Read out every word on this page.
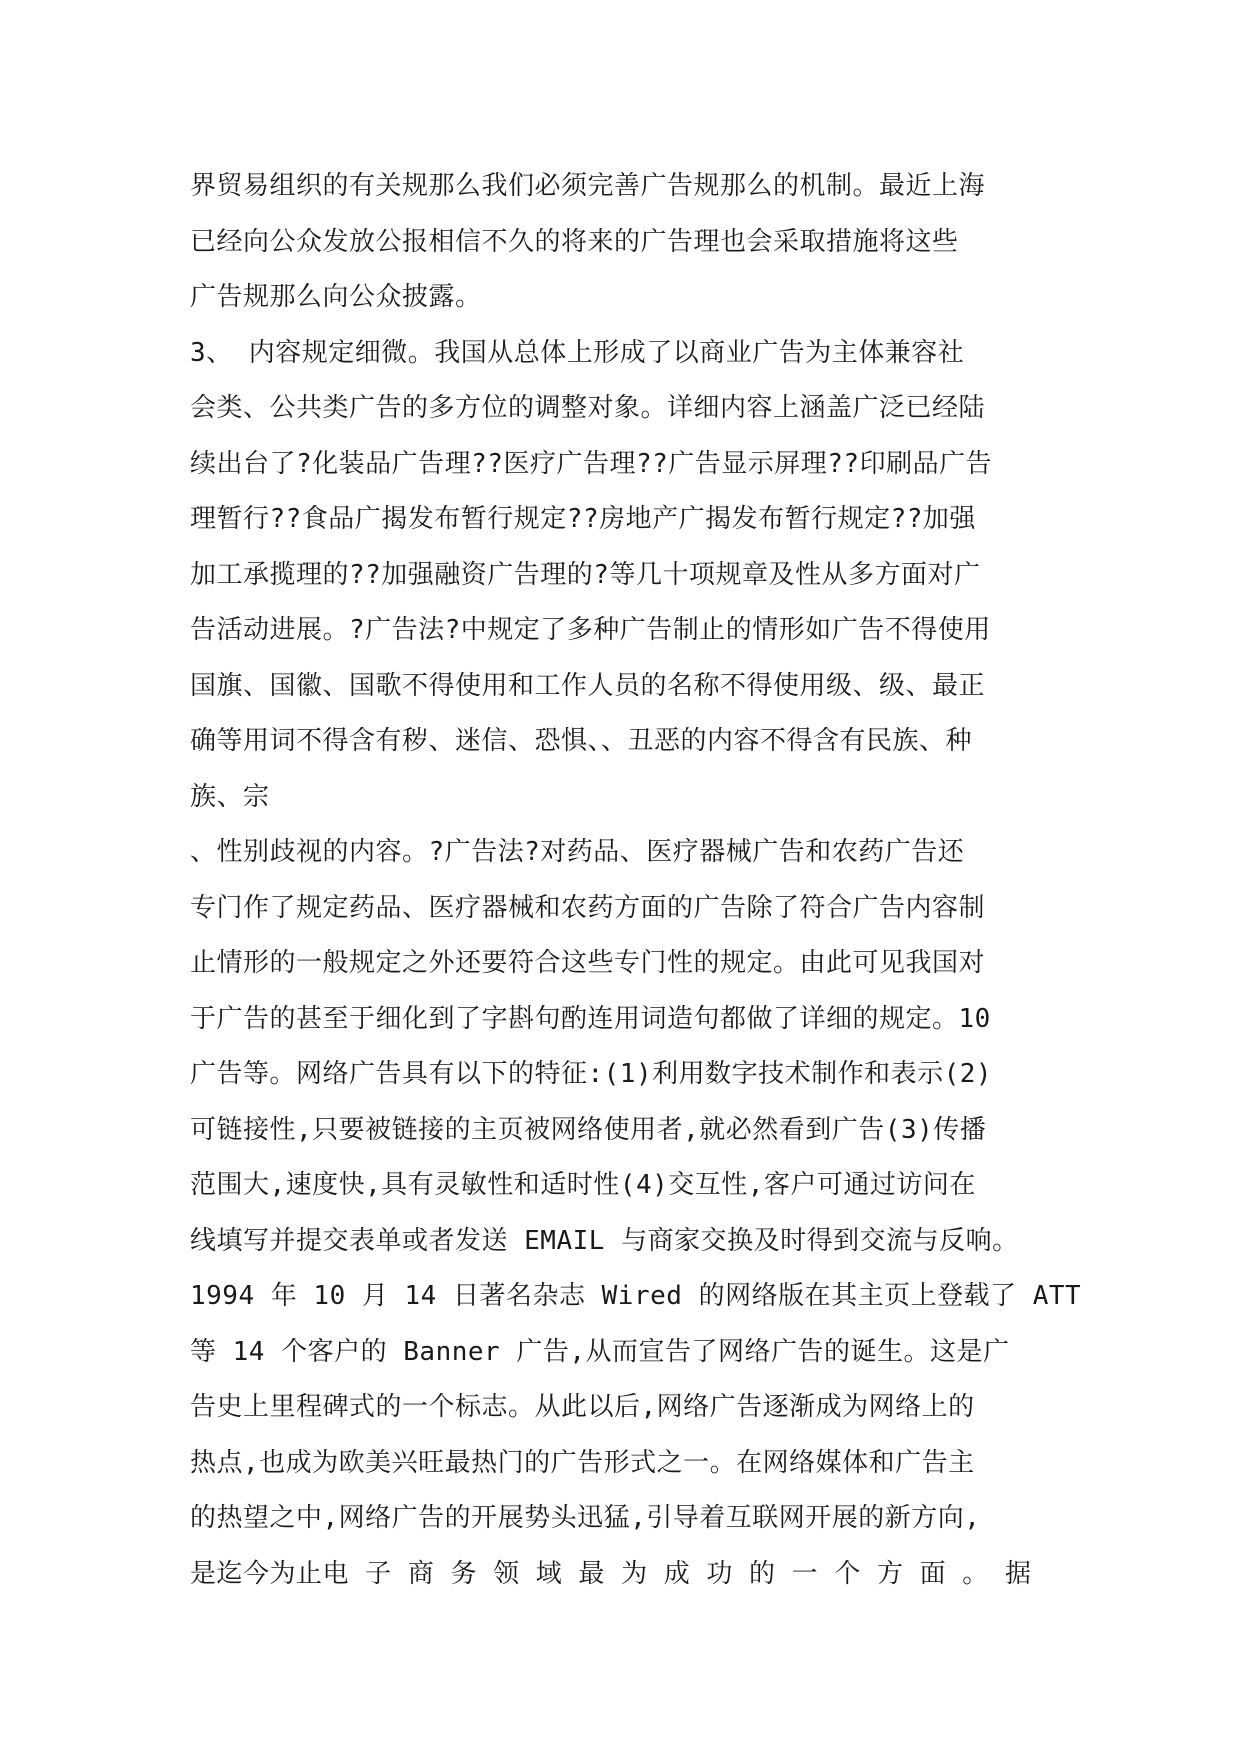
界贸易组织的有关规那么我们必须完善广告规那么的机制。最近上海
已经向公众发放公报相信不久的将来的广告理也会采取措施将这些
广告规那么向公众披露。
3、 内容规定细微。我国从总体上形成了以商业广告为主体兼容社
会类、公共类广告的多方位的调整对象。详细内容上涵盖广泛已经陆
续出台了?化装品广告理??医疗广告理??广告显示屏理??印刷品广告
理暂行??食品广揭发布暂行规定??房地产广揭发布暂行规定??加强
加工承揽理的??加强融资广告理的?等几十项规章及性从多方面对广
告活动进展。?广告法?中规定了多种广告制止的情形如广告不得使用
国旗、国徽、国歌不得使用和工作人员的名称不得使用级、级、最正
确等用词不得含有秽、迷信、恐惧、、丑恶的内容不得含有民族、种
族、宗
、性别歧视的内容。?广告法?对药品、医疗器械广告和农药广告还
专门作了规定药品、医疗器械和农药方面的广告除了符合广告内容制
止情形的一般规定之外还要符合这些专门性的规定。由此可见我国对
于广告的甚至于细化到了字斟句酌连用词造句都做了详细的规定。10
广告等。网络广告具有以下的特征:(1)利用数字技术制作和表示(2)
可链接性,只要被链接的主页被网络使用者,就必然看到广告(3)传播
范围大,速度快,具有灵敏性和适时性(4)交互性,客户可通过访问在
线填写并提交表单或者发送 EMAIL 与商家交换及时得到交流与反响。
1994 年 10 月 14 日著名杂志 Wired 的网络版在其主页上登载了 ATT
等 14 个客户的 Banner 广告,从而宣告了网络广告的诞生。这是广
告史上里程碑式的一个标志。从此以后,网络广告逐渐成为网络上的
热点,也成为欧美兴旺最热门的广告形式之一。在网络媒体和广告主
的热望之中,网络广告的开展势头迅猛,引导着互联网开展的新方向,
是迄今为止电 子 商 务 领 域 最 为 成 功 的 一 个 方 面 。 据
